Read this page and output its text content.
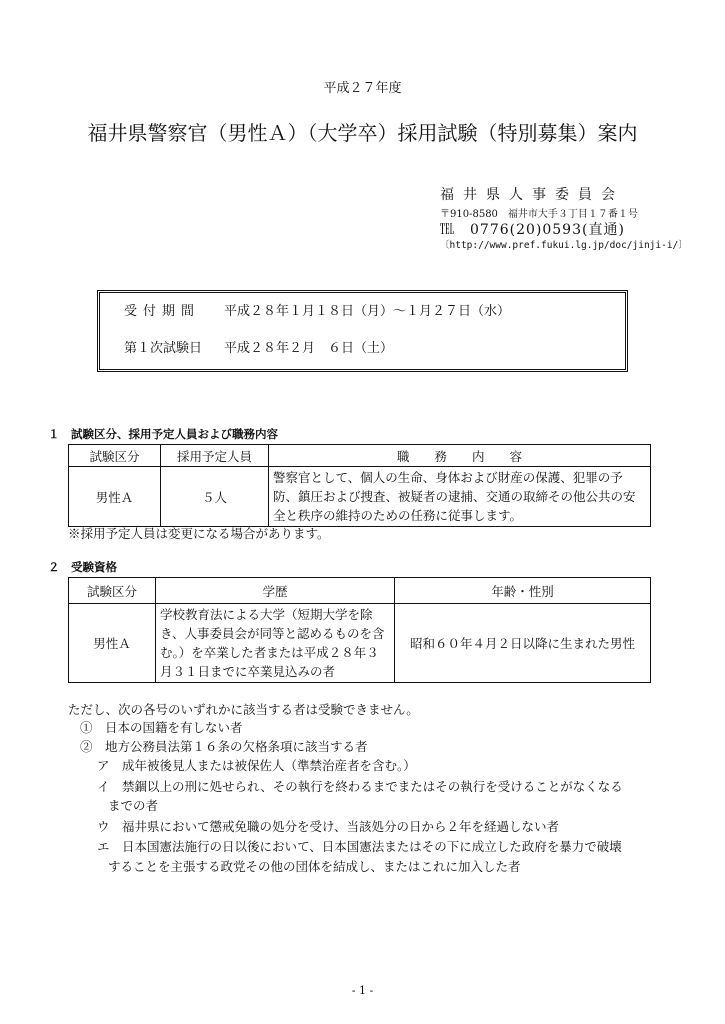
平成２７年度
福井県警察官（男性Ａ）（大学卒）採用試験（特別募集）案内
福井県人事委員会
〒910-8580　福井市大手３丁目１７番１号
℡　0776(20)0593(直通)
〔http://www.pref.fukui.lg.jp/doc/jinji-i/〕
受付期間 平成２８年１月１８日（月）～１月２７日（水）
第１次試験日 平成２８年２月　６日（土）
１　試験区分、採用予定人員および職務内容
試験区分	採用予定人員	職　　務　　内　　容
男性Ａ	５人	警察官として、個人の生命、身体および財産の保護、犯罪の予防、鎮圧および捜査、被疑者の逮捕、交通の取締その他公共の安全と秩序の維持のための任務に従事します。
※採用予定人員は変更になる場合があります。
２　受験資格
試験区分	学歴	年齢・性別
男性Ａ	学校教育法による大学（短期大学を除き、人事委員会が同等と認めるものを含む。）を卒業した者または平成２８年３月３１日までに卒業見込みの者	昭和６０年４月２日以降に生まれた男性
ただし、次の各号のいずれかに該当する者は受験できません。
①　日本の国籍を有しない者
②　地方公務員法第１６条の欠格条項に該当する者
ア　成年被後見人または被保佐人（準禁治産者を含む。）
イ　禁錮以上の刑に処せられ、その執行を終わるまでまたはその執行を受けることがなくなる
までの者
ウ　福井県において懲戒免職の処分を受け、当該処分の日から２年を経過しない者
エ　日本国憲法施行の日以後において、日本国憲法またはその下に成立した政府を暴力で破壊
することを主張する政党その他の団体を結成し、またはこれに加入した者
- 1 -
